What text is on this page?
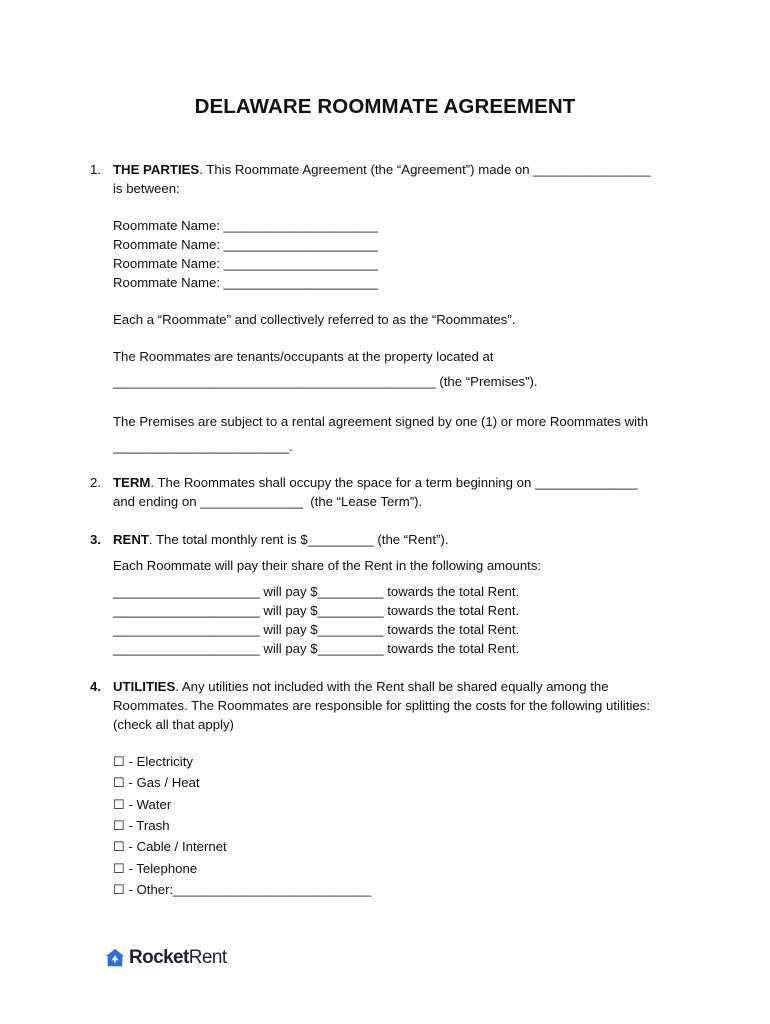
DELAWARE ROOMMATE AGREEMENT
1. THE PARTIES. This Roommate Agreement (the “Agreement”) made on ________________
is between:
Roommate Name: _____________________
Roommate Name: _____________________
Roommate Name: _____________________
Roommate Name: _____________________
Each a “Roommate” and collectively referred to as the “Roommates”.
The Roommates are tenants/occupants at the property located at
____________________________________________ (the “Premises”).
The Premises are subject to a rental agreement signed by one (1) or more Roommates with
________________________.
2. TERM. The Roommates shall occupy the space for a term beginning on ______________
and ending on ______________  (the “Lease Term”).
3. RENT. The total monthly rent is $_________ (the “Rent”).
Each Roommate will pay their share of the Rent in the following amounts:
____________________ will pay $_________ towards the total Rent.
____________________ will pay $_________ towards the total Rent.
____________________ will pay $_________ towards the total Rent.
____________________ will pay $_________ towards the total Rent.
4. UTILITIES. Any utilities not included with the Rent shall be shared equally among the
Roommates. The Roommates are responsible for splitting the costs for the following utilities:
(check all that apply)
☐ - Electricity
☐ - Gas / Heat
☐ - Water
☐ - Trash
☐ - Cable / Internet
☐ - Telephone
☐ - Other:___________________________
RocketRent
